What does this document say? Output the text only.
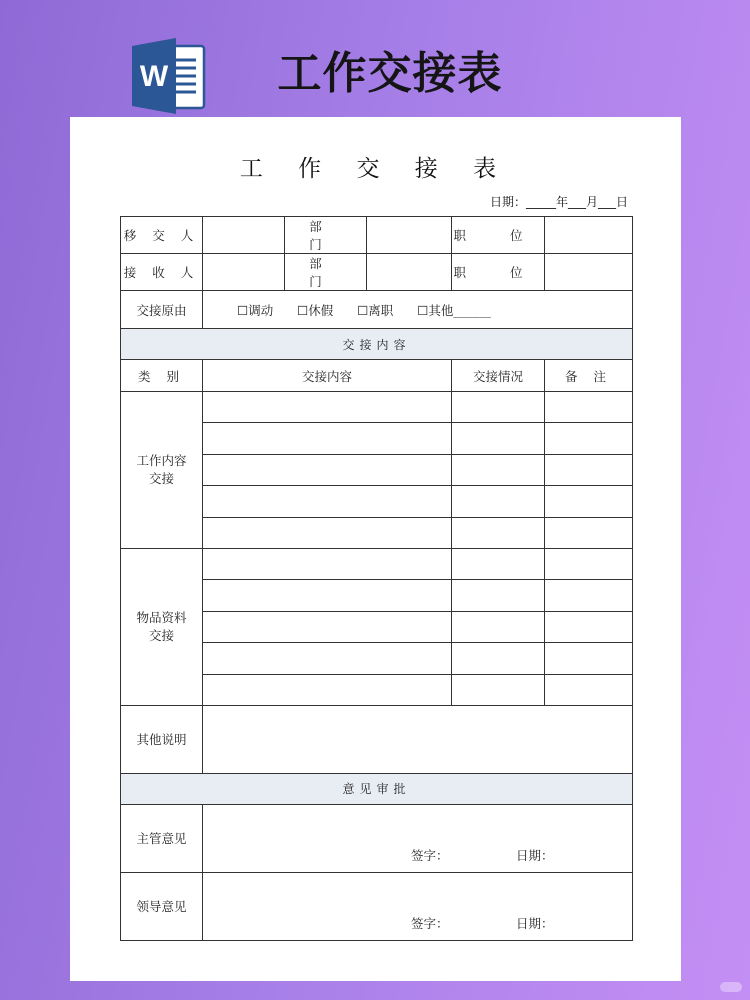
W 工作交接表
工 作 交 接 表
日期：_____年___月___日
移 交 人		部 门		职 位	
接 收 人		部 门		职 位	
交接原由	☐调动      ☐休假      ☐离职      ☐其他______				
交接内容					
类 别	交接内容			交接情况	备 注
工作内容交接					

物品资料交接					

其他说明					
意见审批					
主管意见	签字： 日期：				

领导意见	签字： 日期：				
